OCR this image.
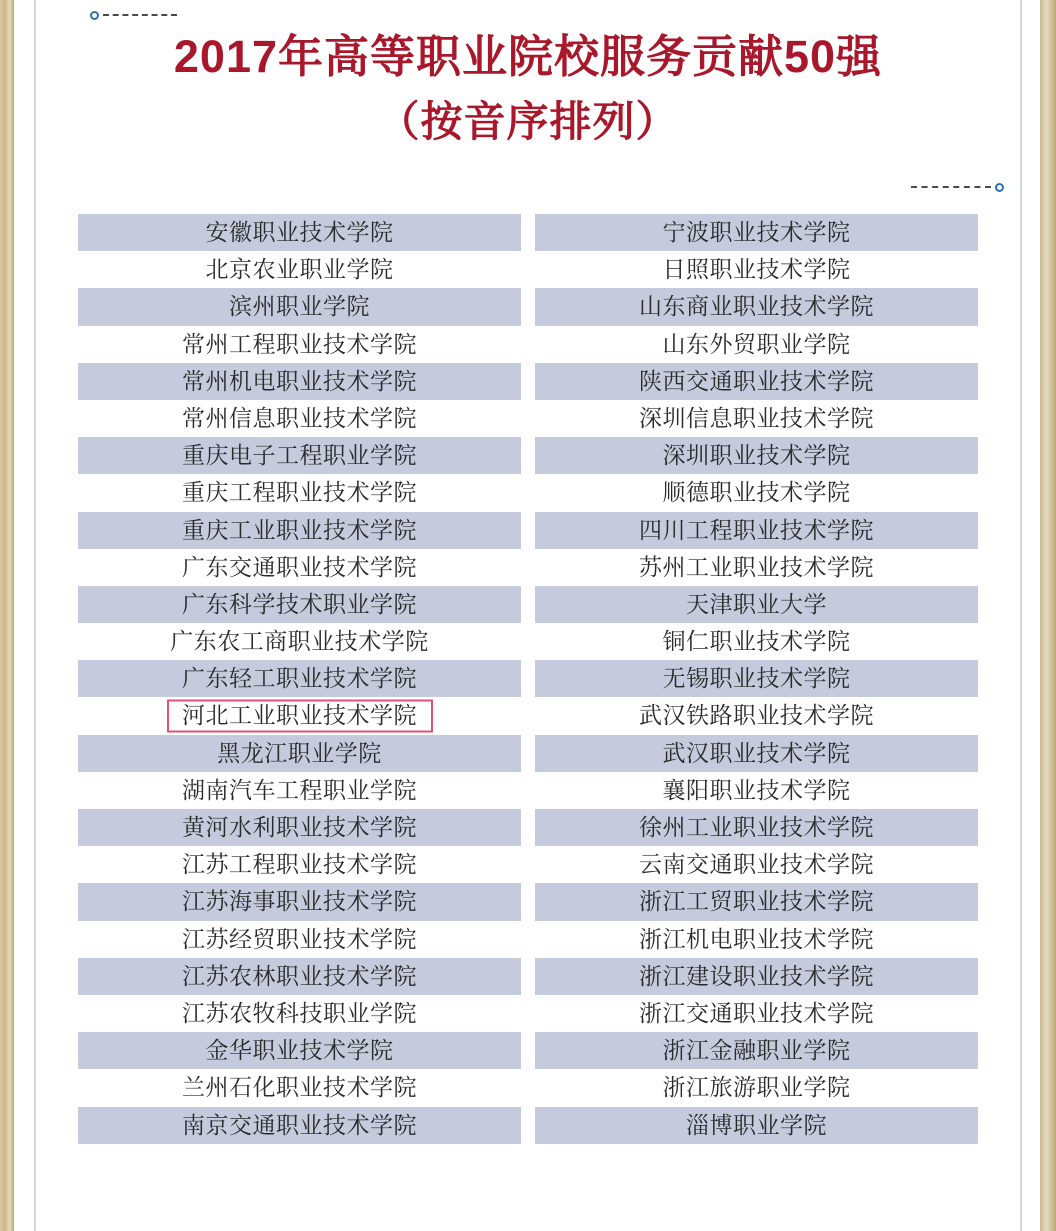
2017年高等职业院校服务贡献50强
（按音序排列）
安徽职业技术学院
北京农业职业学院
滨州职业学院
常州工程职业技术学院
常州机电职业技术学院
常州信息职业技术学院
重庆电子工程职业学院
重庆工程职业技术学院
重庆工业职业技术学院
广东交通职业技术学院
广东科学技术职业学院
广东农工商职业技术学院
广东轻工职业技术学院
河北工业职业技术学院
黑龙江职业学院
湖南汽车工程职业学院
黄河水利职业技术学院
江苏工程职业技术学院
江苏海事职业技术学院
江苏经贸职业技术学院
江苏农林职业技术学院
江苏农牧科技职业学院
金华职业技术学院
兰州石化职业技术学院
南京交通职业技术学院
宁波职业技术学院
日照职业技术学院
山东商业职业技术学院
山东外贸职业学院
陕西交通职业技术学院
深圳信息职业技术学院
深圳职业技术学院
顺德职业技术学院
四川工程职业技术学院
苏州工业职业技术学院
天津职业大学
铜仁职业技术学院
无锡职业技术学院
武汉铁路职业技术学院
武汉职业技术学院
襄阳职业技术学院
徐州工业职业技术学院
云南交通职业技术学院
浙江工贸职业技术学院
浙江机电职业技术学院
浙江建设职业技术学院
浙江交通职业技术学院
浙江金融职业学院
浙江旅游职业学院
淄博职业学院
